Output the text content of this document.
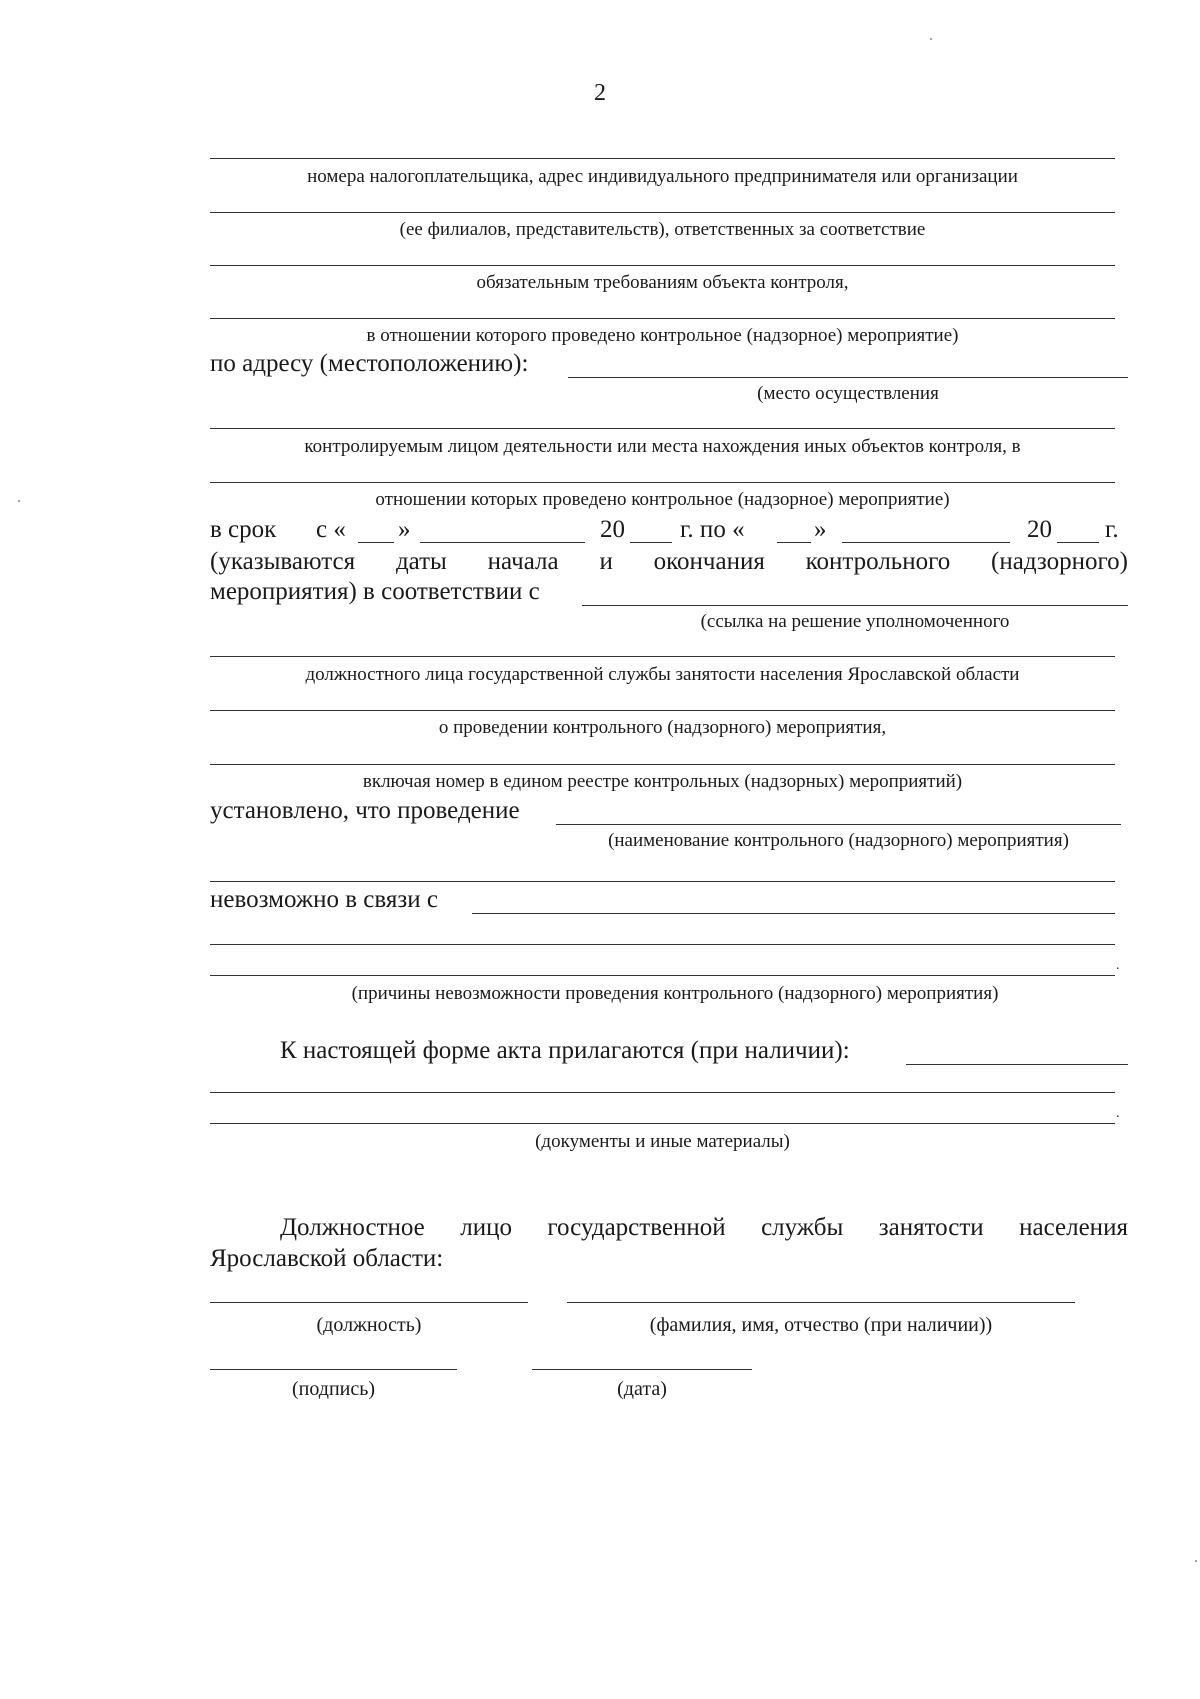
2
номера налогоплательщика, адрес индивидуального предпринимателя или организации
(ее филиалов, представительств), ответственных за соответствие
обязательным требованиям объекта контроля,
в отношении которого проведено контрольное (надзорное) мероприятие)
по адресу (местоположению):
(место осуществления
контролируемым лицом деятельности или места нахождения иных объектов контроля, в
отношении которых проведено контрольное (надзорное) мероприятие)
в срок с « »	20 г. по «	»	20 г.
(указываются даты начала и окончания контрольного (надзорного)
мероприятия) в соответствии с
(ссылка на решение уполномоченного
должностного лица государственной службы занятости населения Ярославской области
о проведении контрольного (надзорного) мероприятия,
включая номер в едином реестре контрольных (надзорных) мероприятий)
установлено, что проведение
(наименование контрольного (надзорного) мероприятия)
невозможно в связи с
.
(причины невозможности проведения контрольного (надзорного) мероприятия)
К настоящей форме акта прилагаются (при наличии):
.
(документы и иные материалы)
Должностное лицо государственной службы занятости населения
Ярославской области:
(должность)	(фамилия, имя, отчество (при наличии))
(подпись)	(дата)
